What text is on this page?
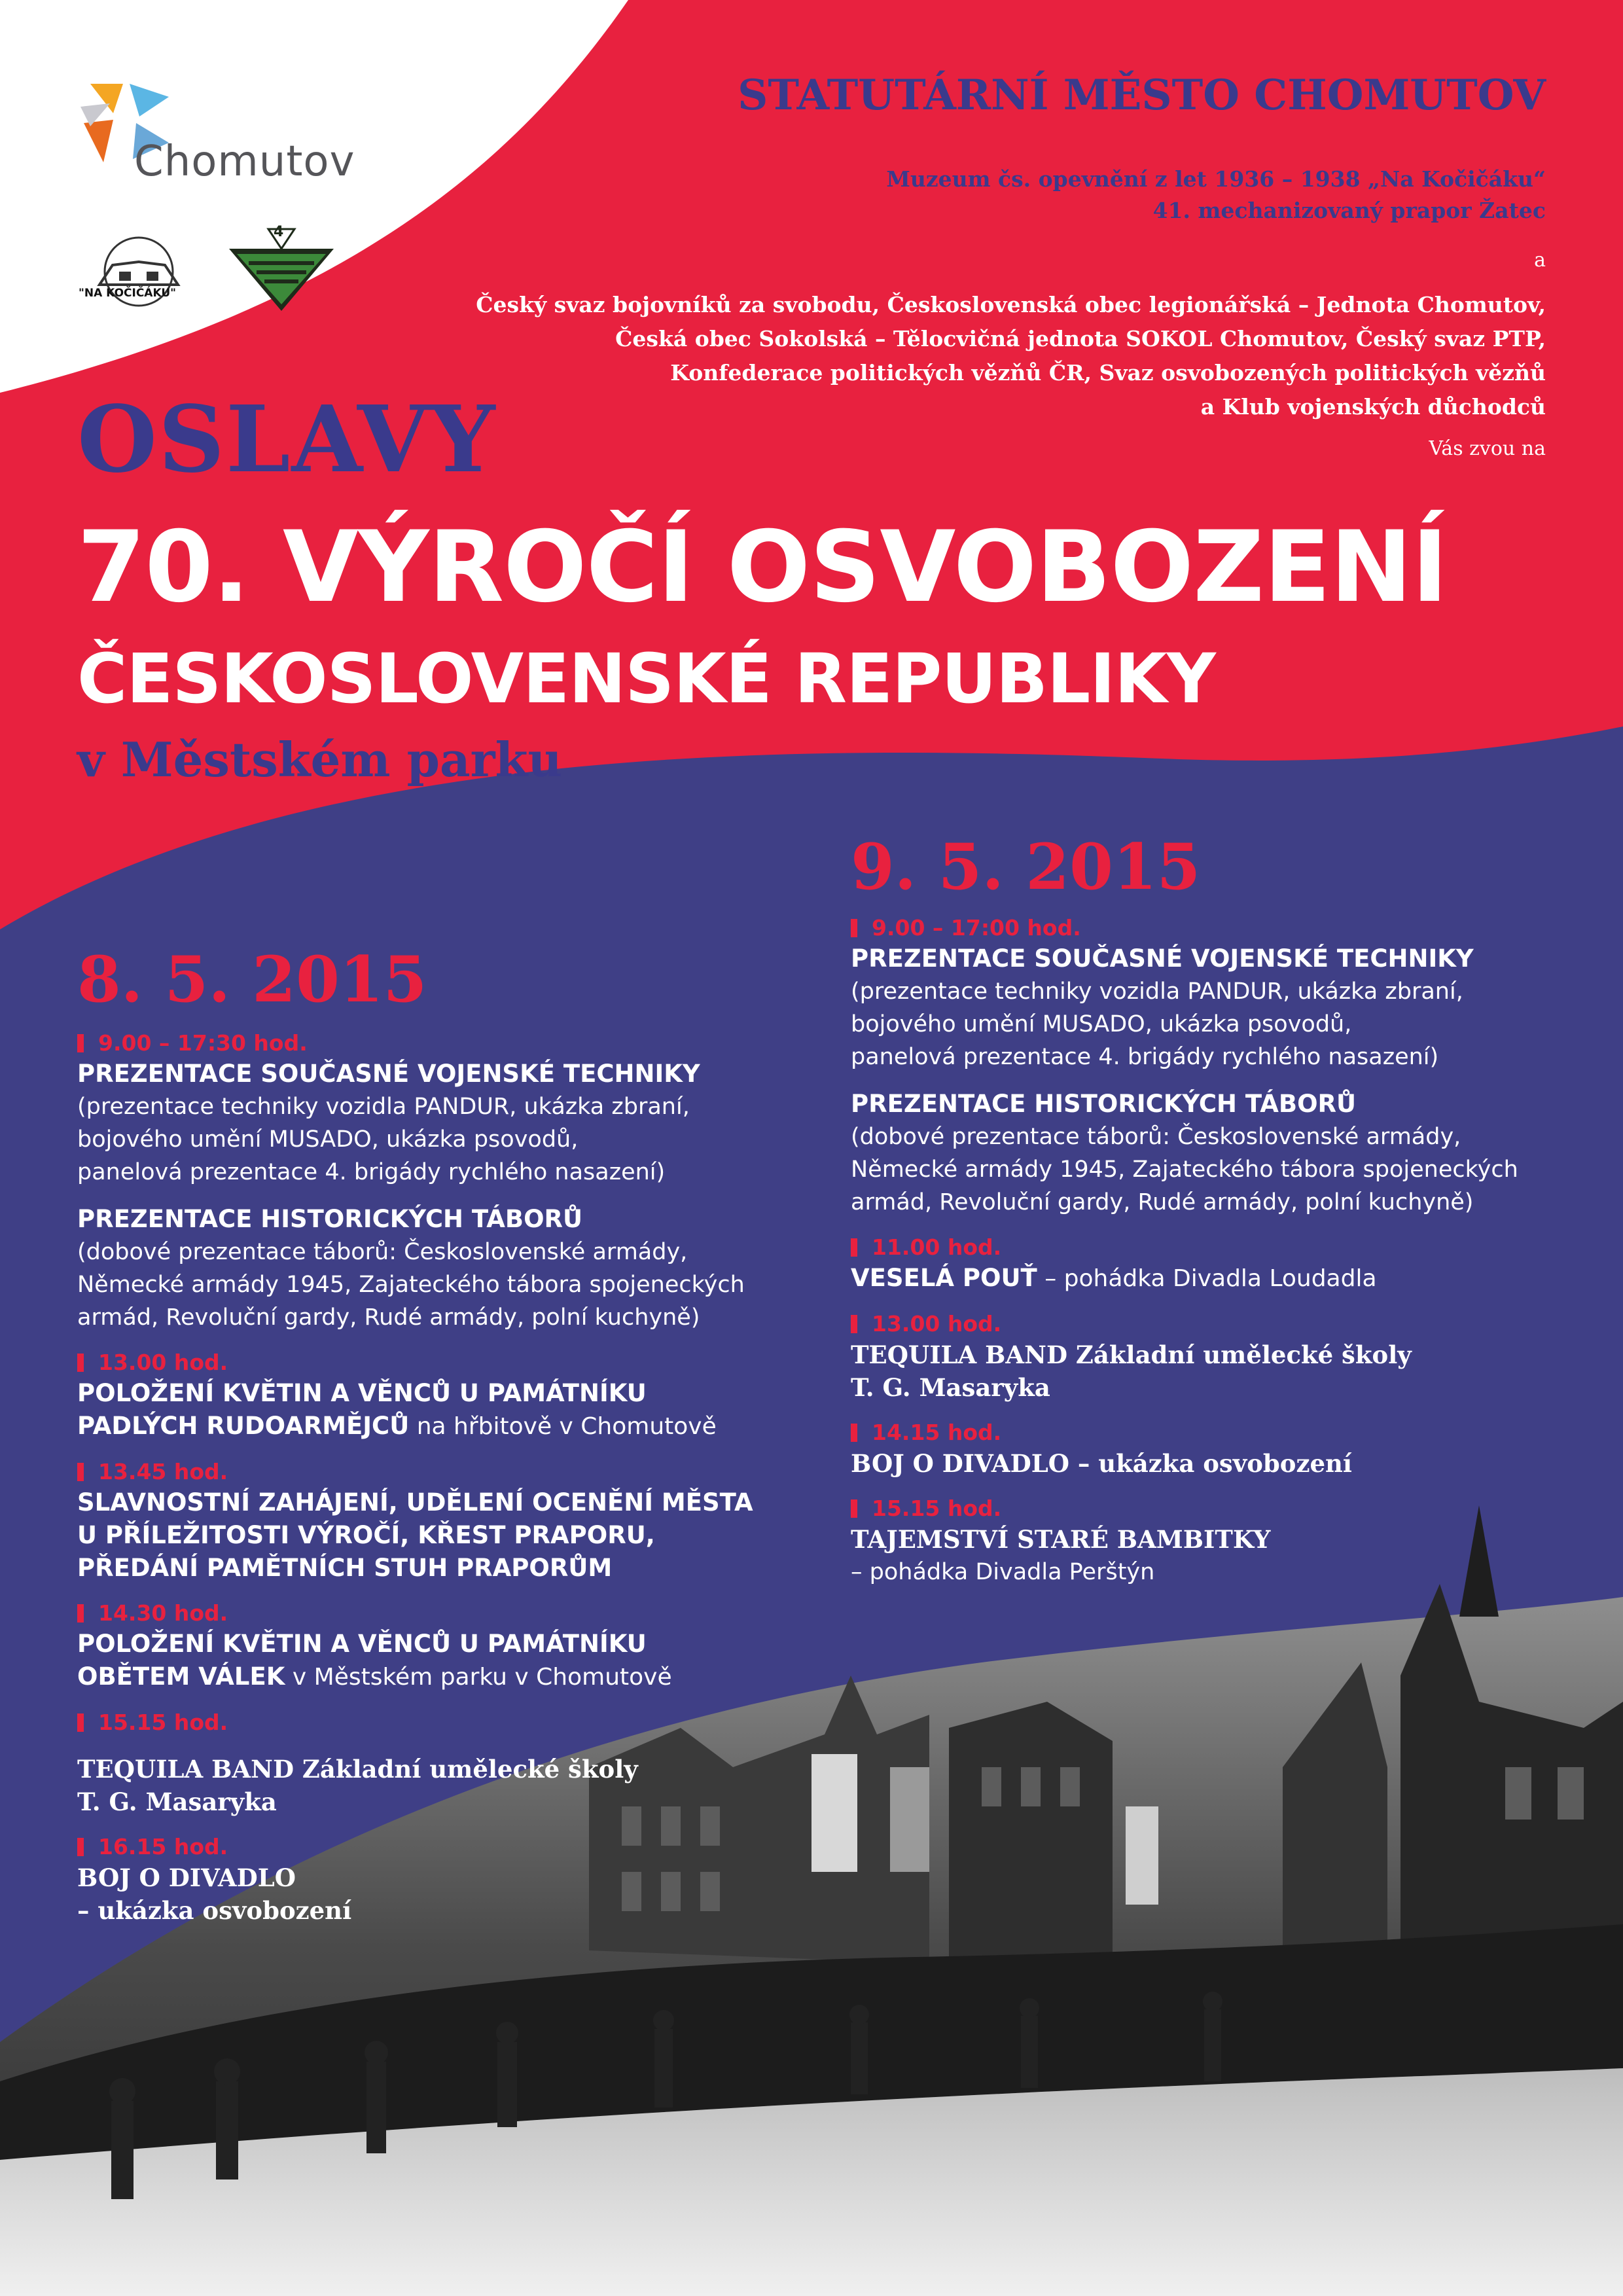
Chomutov
"NA KOČIČÁKU"
4
STATUTÁRNÍ MĚSTO CHOMUTOV
Muzeum čs. opevnění z let 1936 – 1938 „Na Kočičáku“
41. mechanizovaný prapor Žatec
a
Český svaz bojovníků za svobodu, Československá obec legionářská – Jednota Chomutov,
Česká obec Sokolská – Tělocvičná jednota SOKOL Chomutov, Český svaz PTP,
Konfederace politických vězňů ČR, Svaz osvobozených politických vězňů
a Klub vojenských důchodců
Vás zvou na
OSLAVY
70. VÝROČÍ OSVOBOZENÍ
ČESKOSLOVENSKÉ REPUBLIKY
v Městském parku
8. 5. 2015
9.00 – 17:30 hod.
PREZENTACE SOUČASNÉ VOJENSKÉ TECHNIKY
(prezentace techniky vozidla PANDUR, ukázka zbraní,
bojového umění MUSADO, ukázka psovodů,
panelová prezentace 4. brigády rychlého nasazení)
PREZENTACE HISTORICKÝCH TÁBORŮ
(dobové prezentace táborů: Československé armády,
Německé armády 1945, Zajateckého tábora spojeneckých
armád, Revoluční gardy, Rudé armády, polní kuchyně)
13.00 hod.
POLOŽENÍ KVĚTIN A VĚNCŮ U PAMÁTNÍKU
PADLÝCH RUDOARMĚJCŮ na hřbitově v Chomutově
13.45 hod.
SLAVNOSTNÍ ZAHÁJENÍ, UDĚLENÍ OCENĚNÍ MĚSTA
U PŘÍLEŽITOSTI VÝROČÍ, KŘEST PRAPORU,
PŘEDÁNÍ PAMĚTNÍCH STUH PRAPORŮM
14.30 hod.
POLOŽENÍ KVĚTIN A VĚNCŮ U PAMÁTNÍKU
OBĚTEM VÁLEK v Městském parku v Chomutově
15.15 hod.
TEQUILA BAND Základní umělecké školy
T. G. Masaryka
16.15 hod.
BOJ O DIVADLO
– ukázka osvobození
9. 5. 2015
9.00 – 17:00 hod.
PREZENTACE SOUČASNÉ VOJENSKÉ TECHNIKY
(prezentace techniky vozidla PANDUR, ukázka zbraní,
bojového umění MUSADO, ukázka psovodů,
panelová prezentace 4. brigády rychlého nasazení)
PREZENTACE HISTORICKÝCH TÁBORŮ
(dobové prezentace táborů: Československé armády,
Německé armády 1945, Zajateckého tábora spojeneckých
armád, Revoluční gardy, Rudé armády, polní kuchyně)
11.00 hod.
VESELÁ POUŤ – pohádka Divadla Loudadla
13.00 hod.
TEQUILA BAND Základní umělecké školy
T. G. Masaryka
14.15 hod.
BOJ O DIVADLO – ukázka osvobození
15.15 hod.
TAJEMSTVÍ STARÉ BAMBITKY
– pohádka Divadla Perštýn
